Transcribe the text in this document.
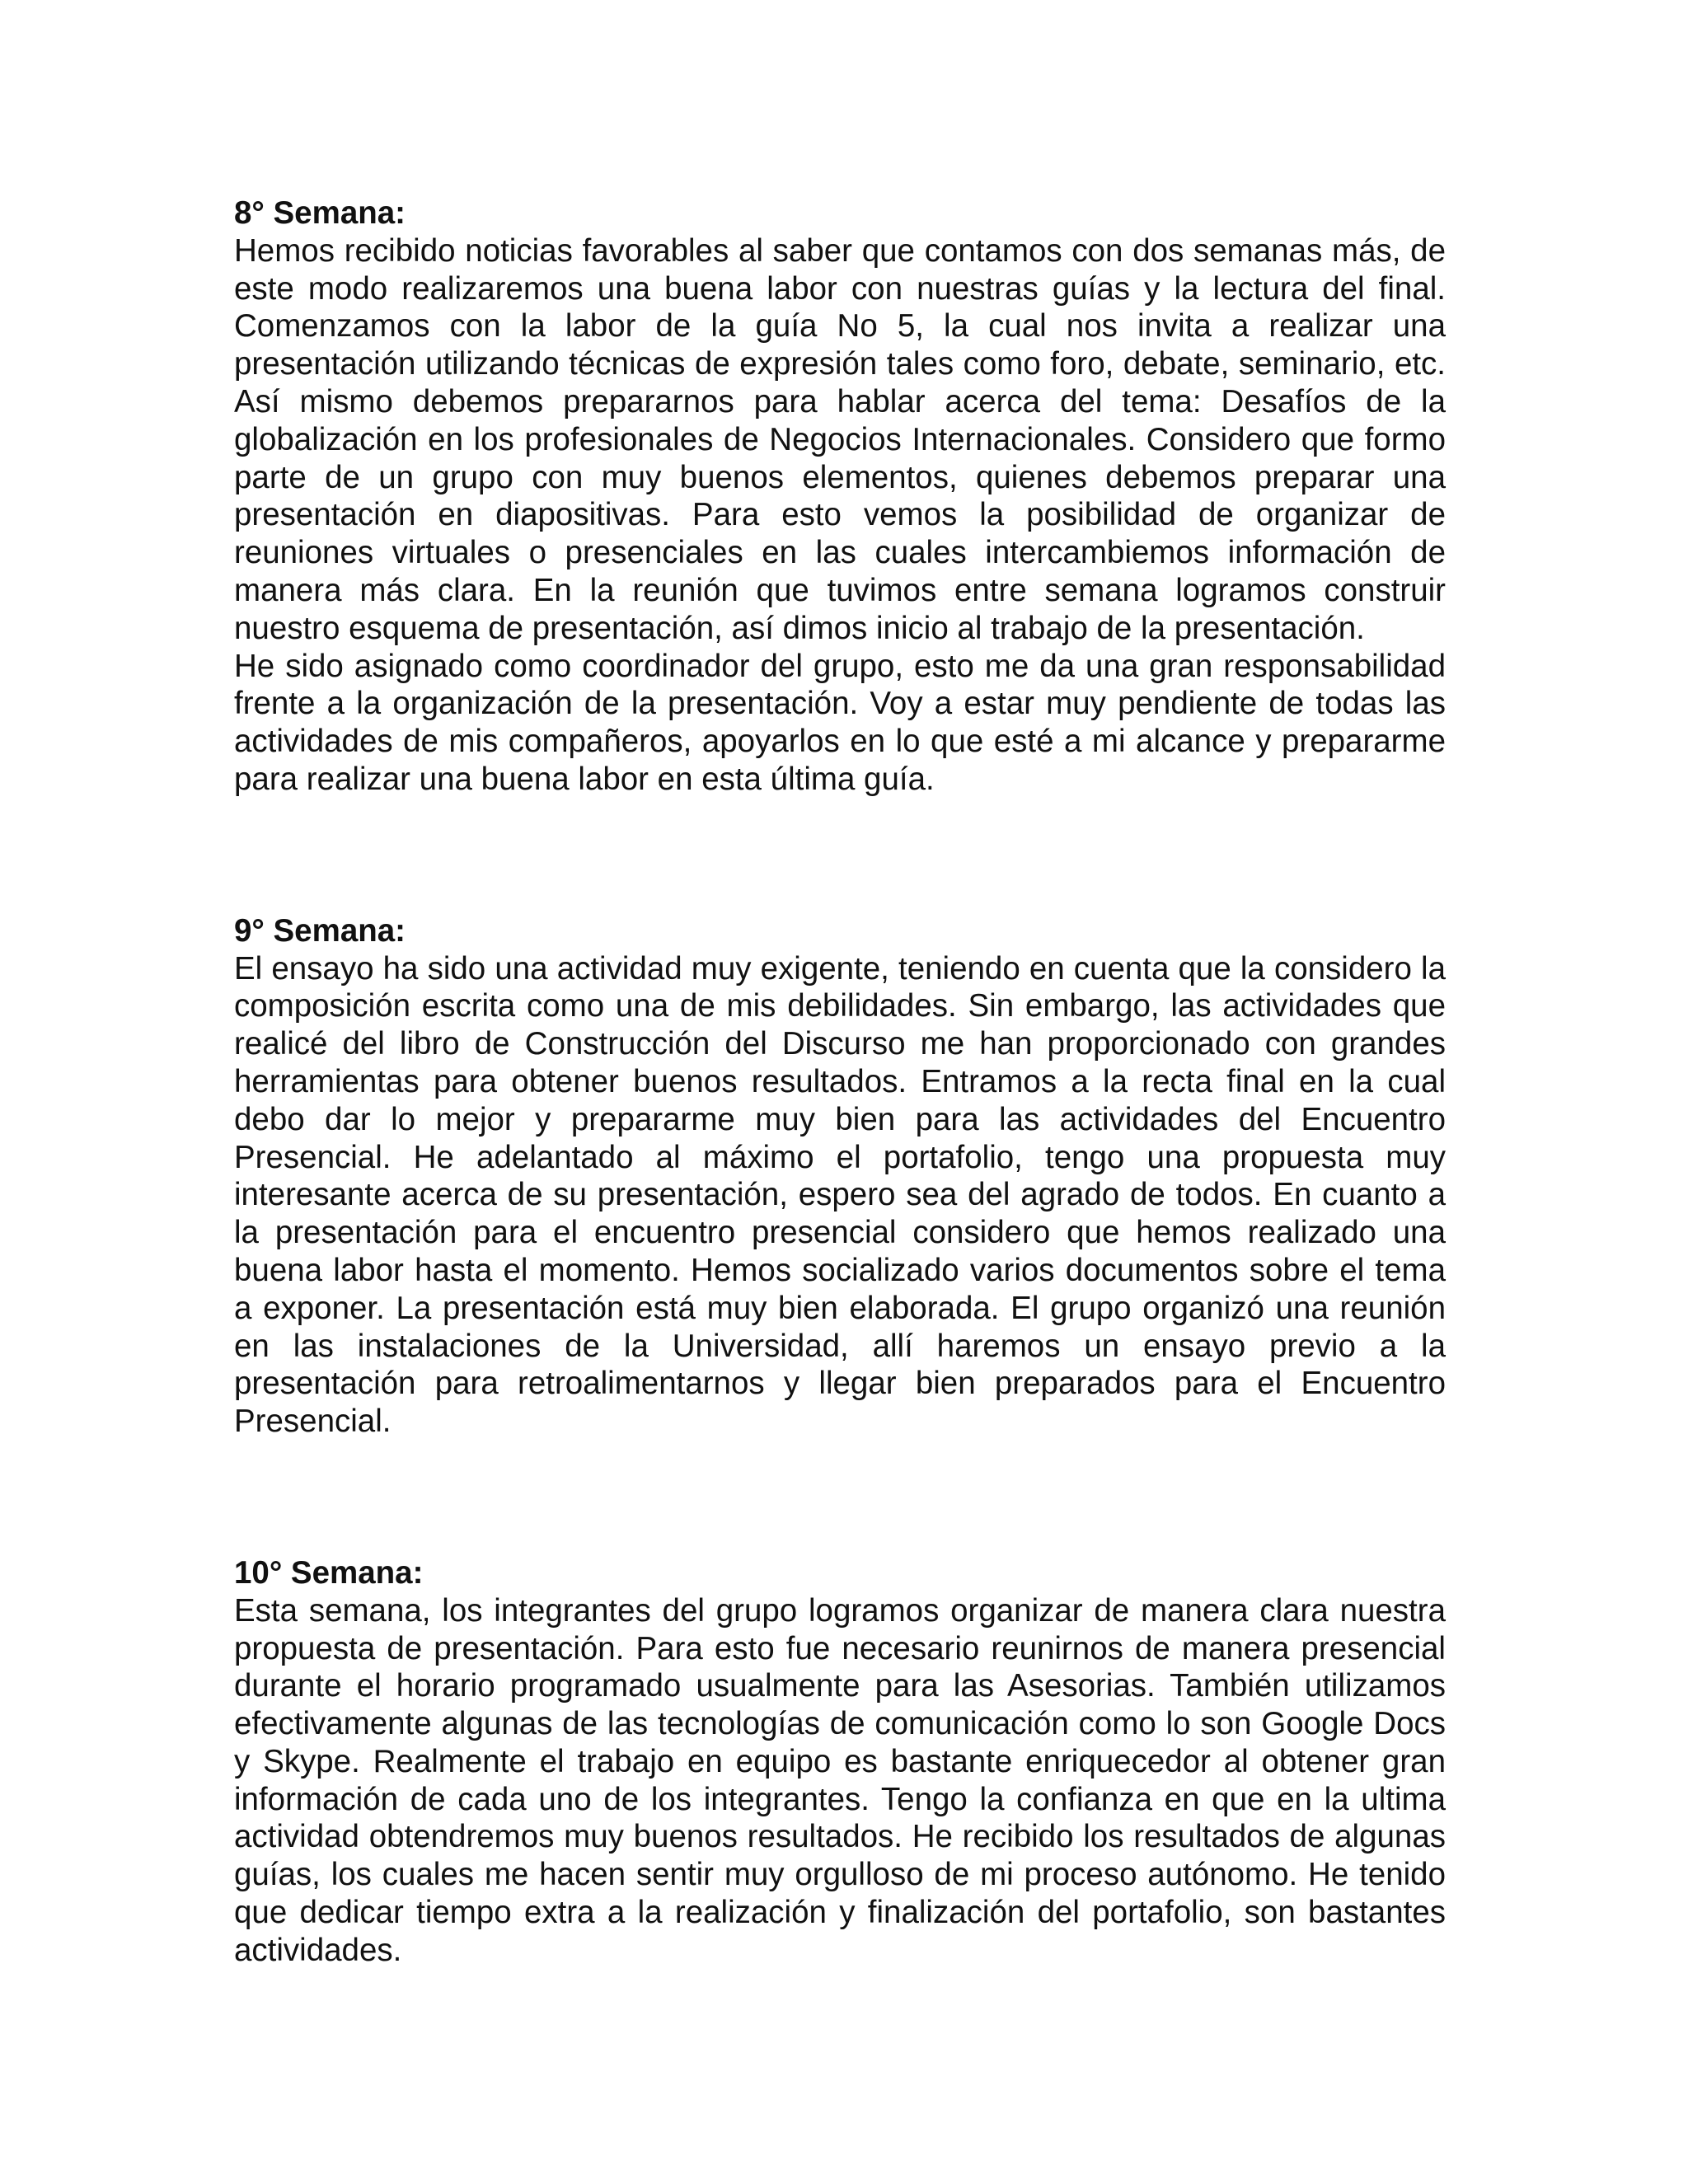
8° Semana:

Hemos recibido noticias favorables al saber que contamos con dos semanas más, de este modo realizaremos una buena labor con nuestras guías y la lectura del final. Comenzamos con la labor de la guía No 5, la cual nos invita a realizar una presentación utilizando técnicas de expresión tales como foro, debate, seminario, etc. Así mismo debemos prepararnos para hablar acerca del tema: Desafíos de la globalización en los profesionales de Negocios Internacionales. Considero que formo parte de un grupo con muy buenos elementos, quienes debemos preparar una presentación en diapositivas. Para esto vemos la posibilidad de organizar de reuniones virtuales o presenciales en las cuales intercambiemos información de manera más clara. En la reunión que tuvimos entre semana logramos construir nuestro esquema de presentación, así dimos inicio al trabajo de la presentación.

He sido asignado como coordinador del grupo, esto me da una gran responsabilidad frente a la organización de la presentación. Voy a estar muy pendiente de todas las actividades de mis compañeros, apoyarlos en lo que esté a mi alcance y prepararme para realizar una buena labor en esta última guía.

9° Semana:

El ensayo ha sido una actividad muy exigente, teniendo en cuenta que la considero la composición escrita como una de mis debilidades. Sin embargo, las actividades que realicé del libro de Construcción del Discurso me han proporcionado con grandes herramientas para obtener buenos resultados. Entramos a la recta final en la cual debo dar lo mejor y prepararme muy bien para las actividades del Encuentro Presencial. He adelantado al máximo el portafolio, tengo una propuesta muy interesante acerca de su presentación, espero sea del agrado de todos. En cuanto a la presentación para el encuentro presencial considero que hemos realizado una buena labor hasta el momento. Hemos socializado varios documentos sobre el tema a exponer. La presentación está muy bien elaborada. El grupo organizó una reunión en las instalaciones de la Universidad, allí haremos un ensayo previo a la presentación para retroalimentarnos y llegar bien preparados para el Encuentro Presencial.

10° Semana:

Esta semana, los integrantes del grupo logramos organizar de manera clara nuestra propuesta de presentación. Para esto fue necesario reunirnos de manera presencial durante el horario programado usualmente para las Asesorias. También utilizamos efectivamente algunas de las tecnologías de comunicación como lo son Google Docs y Skype. Realmente el trabajo en equipo es bastante enriquecedor al obtener gran información de cada uno de los integrantes. Tengo la confianza en que en la ultima actividad obtendremos muy buenos resultados. He recibido los resultados de algunas guías, los cuales me hacen sentir muy orgulloso de mi proceso autónomo. He tenido que dedicar tiempo extra a la realización y finalización del portafolio, son bastantes actividades.
